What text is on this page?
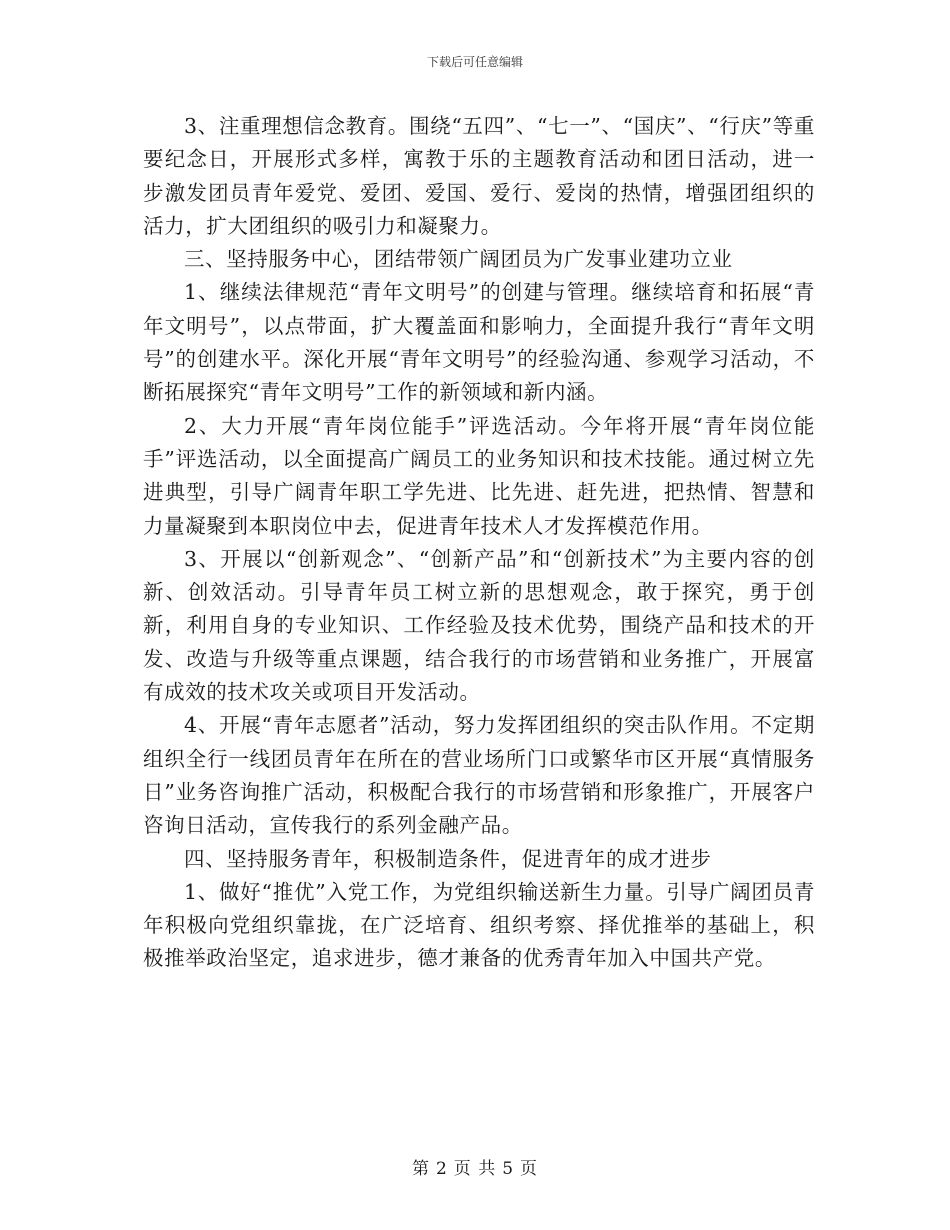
下载后可任意编辑

3、注重理想信念教育。围绕“五四”、“七一”、“国庆”、“行庆”等重要纪念日，开展形式多样，寓教于乐的主题教育活动和团日活动，进一步激发团员青年爱党、爱团、爱国、爱行、爱岗的热情，增强团组织的活力，扩大团组织的吸引力和凝聚力。

三、坚持服务中心，团结带领广阔团员为广发事业建功立业

1、继续法律规范“青年文明号”的创建与管理。继续培育和拓展“青年文明号”，以点带面，扩大覆盖面和影响力，全面提升我行“青年文明号”的创建水平。深化开展“青年文明号”的经验沟通、参观学习活动，不断拓展探究“青年文明号”工作的新领域和新内涵。

2、大力开展“青年岗位能手”评选活动。今年将开展“青年岗位能手”评选活动，以全面提高广阔员工的业务知识和技术技能。通过树立先进典型，引导广阔青年职工学先进、比先进、赶先进，把热情、智慧和力量凝聚到本职岗位中去，促进青年技术人才发挥模范作用。

3、开展以“创新观念”、“创新产品”和“创新技术”为主要内容的创新、创效活动。引导青年员工树立新的思想观念，敢于探究，勇于创新，利用自身的专业知识、工作经验及技术优势，围绕产品和技术的开发、改造与升级等重点课题，结合我行的市场营销和业务推广，开展富有成效的技术攻关或项目开发活动。

4、开展“青年志愿者”活动，努力发挥团组织的突击队作用。不定期组织全行一线团员青年在所在的营业场所门口或繁华市区开展“真情服务日”业务咨询推广活动，积极配合我行的市场营销和形象推广，开展客户咨询日活动，宣传我行的系列金融产品。

四、坚持服务青年，积极制造条件，促进青年的成才进步

1、做好“推优”入党工作，为党组织输送新生力量。引导广阔团员青年积极向党组织靠拢，在广泛培育、组织考察、择优推举的基础上，积极推举政治坚定，追求进步，德才兼备的优秀青年加入中国共产党。

第 2 页 共 5 页
